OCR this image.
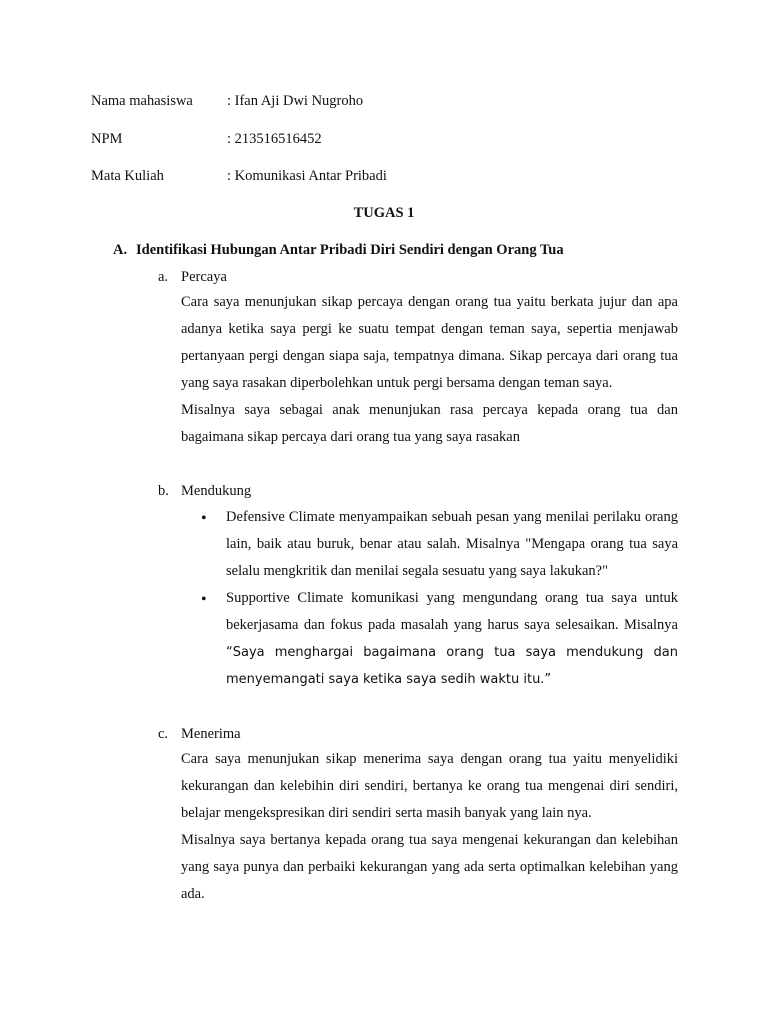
Nama mahasiswa : Ifan Aji Dwi Nugroho
NPM	: 213516516452
Mata Kuliah	: Komunikasi Antar Pribadi
TUGAS 1
A. Identifikasi Hubungan Antar Pribadi Diri Sendiri dengan Orang Tua
a. Percaya

Cara saya menunjukan sikap percaya dengan orang tua yaitu berkata jujur dan apa adanya ketika saya pergi ke suatu tempat dengan teman saya, sepertia menjawab pertanyaan pergi dengan siapa saja, tempatnya dimana. Sikap percaya dari orang tua yang saya rasakan diperbolehkan untuk pergi bersama dengan teman saya.

Misalnya saya sebagai anak menunjukan rasa percaya kepada orang tua dan bagaimana sikap percaya dari orang tua yang saya rasakan

b. Mendukung
• Defensive Climate menyampaikan sebuah pesan yang menilai perilaku orang lain, baik atau buruk, benar atau salah. Misalnya "Mengapa orang tua saya selalu mengkritik dan menilai segala sesuatu yang saya lakukan?"

• Supportive Climate komunikasi yang mengundang orang tua saya untuk bekerjasama dan fokus pada masalah yang harus saya selesaikan. Misalnya “Saya menghargai bagaimana orang tua saya mendukung dan menyemangati saya ketika saya sedih waktu itu.”

c. Menerima

Cara saya menunjukan sikap menerima saya dengan orang tua yaitu menyelidiki kekurangan dan kelebihin diri sendiri, bertanya ke orang tua mengenai diri sendiri, belajar mengekspresikan diri sendiri serta masih banyak yang lain nya.

Misalnya saya bertanya kepada orang tua saya mengenai kekurangan dan kelebihan yang saya punya dan perbaiki kekurangan yang ada serta optimalkan kelebihan yang ada.
